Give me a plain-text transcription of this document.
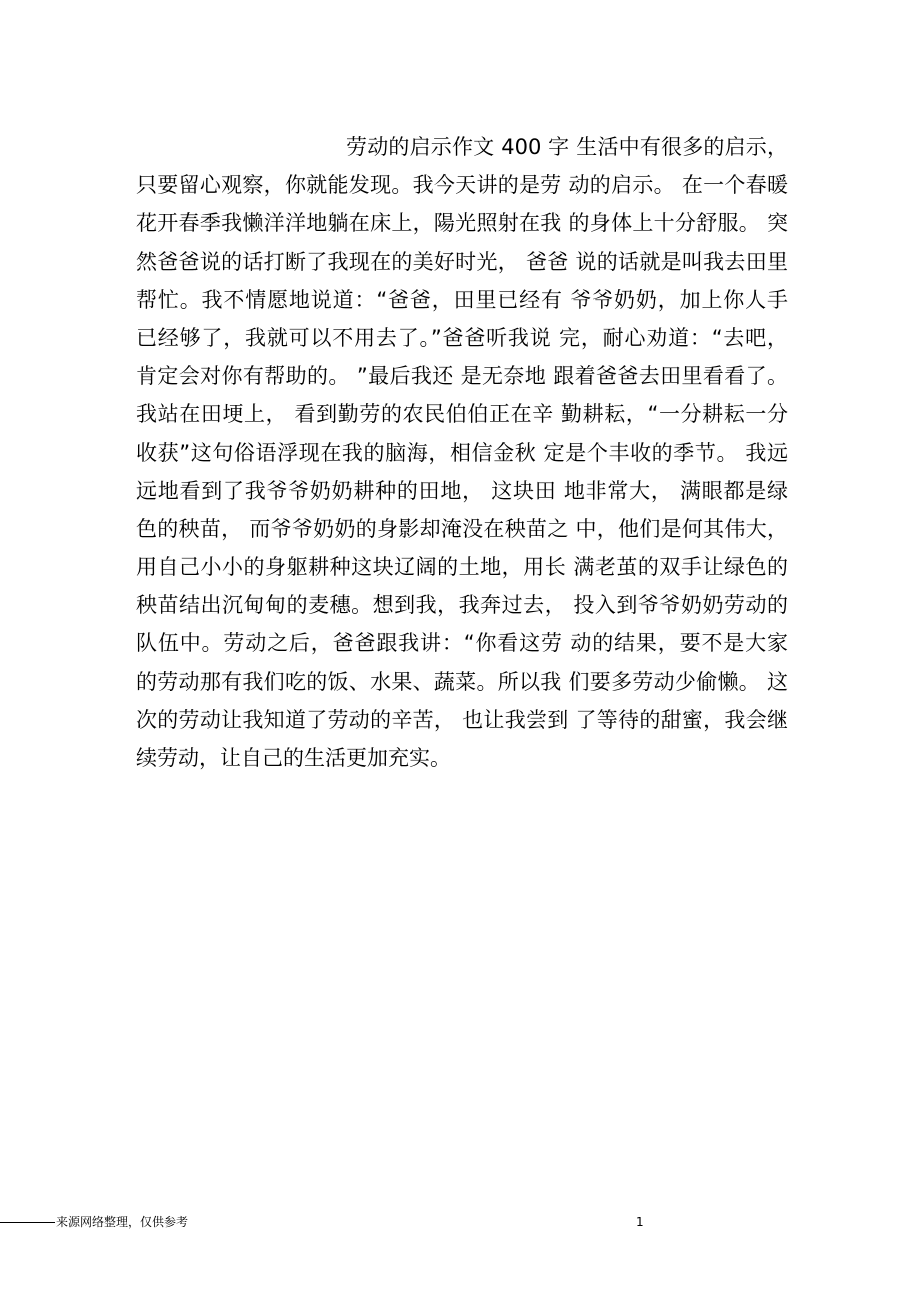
劳动的启示作文 400 字 生活中有很多的启示，
只要留心观察，你就能发现。我今天讲的是劳 动的启示。 在一个春暖
花开春季我懒洋洋地躺在床上，陽光照射在我 的身体上十分舒服。 突
然爸爸说的话打断了我现在的美好时光， 爸爸 说的话就是叫我去田里
帮忙。我不情愿地说道：“爸爸，田里已经有 爷爷奶奶，加上你人手
已经够了，我就可以不用去了。”爸爸听我说 完，耐心劝道：“去吧，
肯定会对你有帮助的。 ”最后我还 是无奈地 跟着爸爸去田里看看了。
我站在田埂上， 看到勤劳的农民伯伯正在辛 勤耕耘，“一分耕耘一分
收获”这句俗语浮现在我的脑海，相信金秋 定是个丰收的季节。 我远
远地看到了我爷爷奶奶耕种的田地， 这块田 地非常大， 满眼都是绿
色的秧苗， 而爷爷奶奶的身影却淹没在秧苗之 中，他们是何其伟大，
用自己小小的身躯耕种这块辽阔的土地，用长 满老茧的双手让绿色的
秧苗结出沉甸甸的麦穗。想到我，我奔过去， 投入到爷爷奶奶劳动的
队伍中。劳动之后，爸爸跟我讲：“你看这劳 动的结果，要不是大家
的劳动那有我们吃的饭、水果、蔬菜。所以我 们要多劳动少偷懒。 这
次的劳动让我知道了劳动的辛苦， 也让我尝到 了等待的甜蜜，我会继
续劳动，让自己的生活更加充实。
来源网络整理，仅供参考	1
